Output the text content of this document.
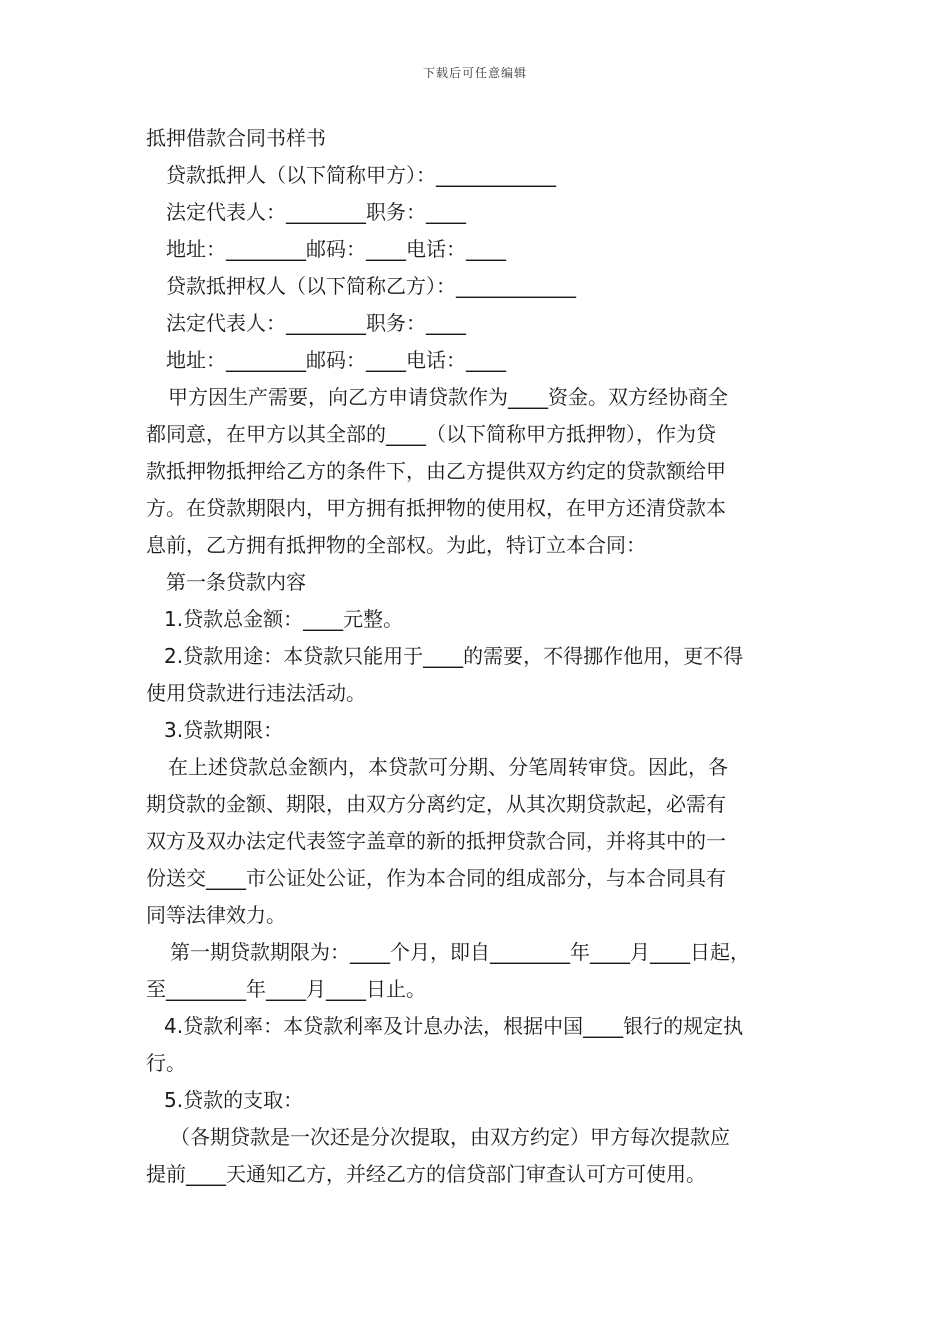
下载后可任意编辑

抵押借款合同书样书

贷款抵押人（以下简称甲方）：____________

法定代表人：________职务：____

地址：________邮码：____电话：____

贷款抵押权人（以下简称乙方）：____________

法定代表人：________职务：____

地址：________邮码：____电话：____

甲方因生产需要，向乙方申请贷款作为____资金。双方经协商全

都同意，在甲方以其全部的____（以下简称甲方抵押物），作为贷

款抵押物抵押给乙方的条件下，由乙方提供双方约定的贷款额给甲

方。在贷款期限内，甲方拥有抵押物的使用权，在甲方还清贷款本

息前，乙方拥有抵押物的全部权。为此，特订立本合同：

第一条贷款内容

1.贷款总金额：____元整。

2.贷款用途：本贷款只能用于____的需要，不得挪作他用，更不得

使用贷款进行违法活动。

3.贷款期限：

在上述贷款总金额内，本贷款可分期、分笔周转审贷。因此，各

期贷款的金额、期限，由双方分离约定，从其次期贷款起，必需有

双方及双办法定代表签字盖章的新的抵押贷款合同，并将其中的一

份送交____市公证处公证，作为本合同的组成部分，与本合同具有

同等法律效力。

第一期贷款期限为：____个月，即自________年____月____日起，

至________年____月____日止。

4.贷款利率：本贷款利率及计息办法，根据中国____银行的规定执

行。

5.贷款的支取：

（各期贷款是一次还是分次提取，由双方约定）甲方每次提款应

提前____天通知乙方，并经乙方的信贷部门审查认可方可使用。
